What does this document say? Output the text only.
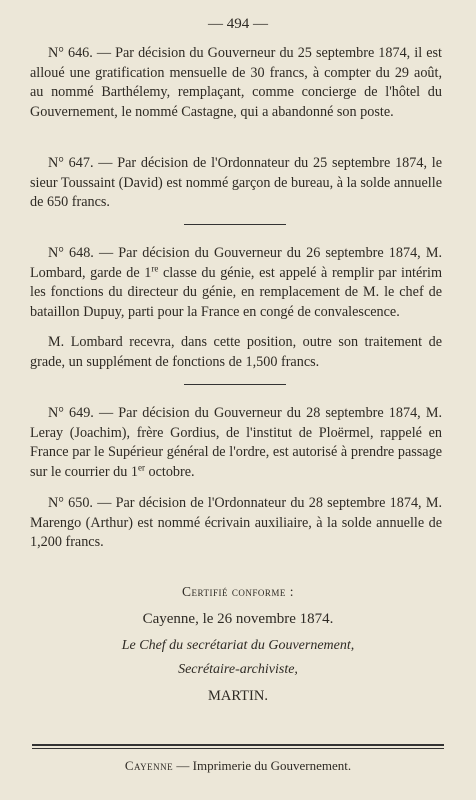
— 494 —
N° 646. — Par décision du Gouverneur du 25 septembre 1874, il est alloué une gratification mensuelle de 30 francs, à compter du 29 août, au nommé Barthélemy, remplaçant, comme concierge de l'hôtel du Gouvernement, le nommé Castagne, qui a abandonné son poste.
N° 647. — Par décision de l'Ordonnateur du 25 septembre 1874, le sieur Toussaint (David) est nommé garçon de bureau, à la solde annuelle de 650 francs.
N° 648. — Par décision du Gouverneur du 26 septembre 1874, M. Lombard, garde de 1re classe du génie, est appelé à remplir par intérim les fonctions du directeur du génie, en remplacement de M. le chef de bataillon Dupuy, parti pour la France en congé de convalescence.
M. Lombard recevra, dans cette position, outre son traitement de grade, un supplément de fonctions de 1,500 francs.
N° 649. — Par décision du Gouverneur du 28 septembre 1874, M. Leray (Joachim), frère Gordius, de l'institut de Ploërmel, rappelé en France par le Supérieur général de l'ordre, est autorisé à prendre passage sur le courrier du 1er octobre.
N° 650. — Par décision de l'Ordonnateur du 28 septembre 1874, M. Marengo (Arthur) est nommé écrivain auxiliaire, à la solde annuelle de 1,200 francs.
Certifié conforme :
Cayenne, le 26 novembre 1874.
Le Chef du secrétariat du Gouvernement,
Secrétaire-archiviste,
MARTIN.
Cayenne — Imprimerie du Gouvernement.
